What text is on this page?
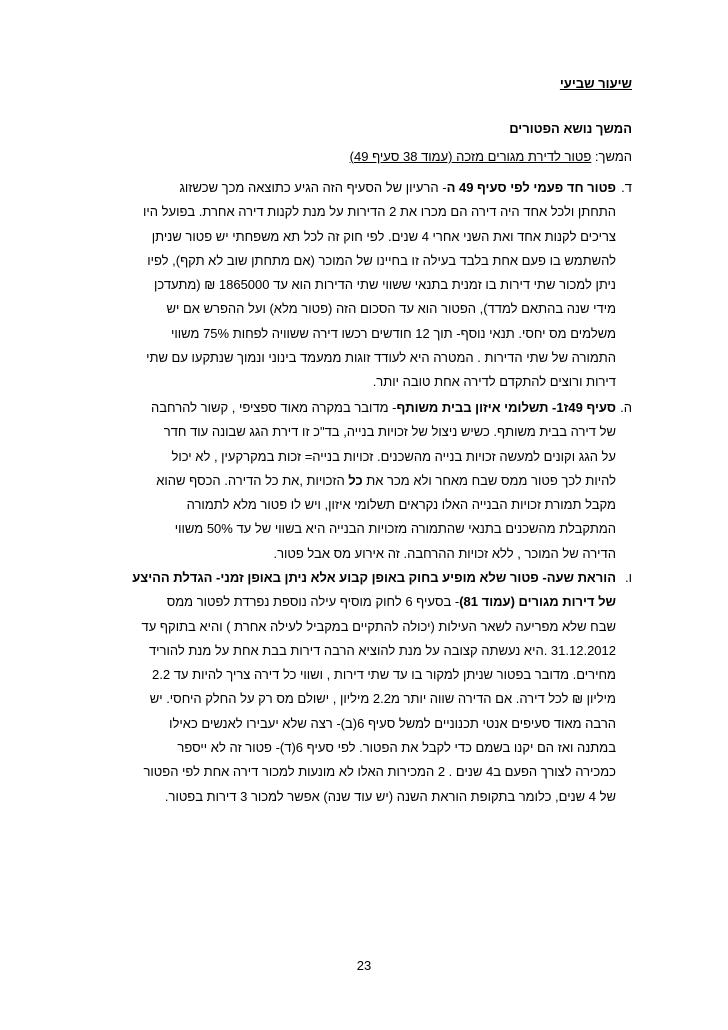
שיעור שביעי
המשך נושא הפטורים
המשך: פטור לדירת מגורים מזכה (עמוד 38 סעיף 49)
ד.

פטור חד פעמי לפי סעיף 49 ה- הרעיון של הסעיף הזה הגיע כתוצאה מכך שכשזוג

התחתן ולכל אחד היה דירה הם מכרו את 2 הדירות על מנת לקנות דירה אחרת. בפועל היו

צריכים לקנות אחד ואת השני אחרי 4 שנים. לפי חוק זה לכל תא משפחתי יש פטור שניתן

להשתמש בו פעם אחת בלבד בעילה זו בחיינו של המוכר (אם מתחתן שוב לא תקף), לפיו

ניתן למכור שתי דירות בו זמנית בתנאי ששווי שתי הדירות הוא עד 1865000 ₪ (מתעדכן

מידי שנה בהתאם למדד), הפטור הוא עד הסכום הזה (פטור מלא) ועל ההפרש אם יש

משלמים מס יחסי. תנאי נוסף- תוך 12 חודשים רכשו דירה ששוויה לפחות 75% משווי

התמורה של שתי הדירות . המטרה היא לעודד זוגות ממעמד בינוני ונמוך שנתקעו עם שתי

דירות ורוצים להתקדם לדירה אחת טובה יותר.

ה.

סעיף 49ז1- תשלומי איזון בבית משותף- מדובר במקרה מאוד ספציפי , קשור להרחבה

של דירה בבית משותף. כשיש ניצול של זכויות בנייה, בד"כ זו דירת הגג שבונה עוד חדר

על הגג וקונים למעשה זכויות בנייה מהשכנים. זכויות בנייה= זכות במקרקעין , לא יכול

להיות לכך פטור ממס שבח מאחר ולא מכר את כל הזכויות ,את כל הדירה. הכסף שהוא

מקבל תמורת זכויות הבנייה האלו נקראים תשלומי איזון, ויש לו פטור מלא לתמורה

המתקבלת מהשכנים בתנאי שהתמורה מזכויות הבנייה היא בשווי של עד 50% משווי

הדירה של המוכר , ללא זכויות ההרחבה. זה אירוע מס אבל פטור.

ו.

הוראת שעה- פטור שלא מופיע בחוק באופן קבוע אלא ניתן באופן זמני- הגדלת ההיצע

של דירות מגורים (עמוד 81)- בסעיף 6 לחוק מוסיף עילה נוספת נפרדת לפטור ממס

שבח שלא מפריעה לשאר העילות (יכולה להתקיים במקביל לעילה אחרת ) והיא בתוקף עד

31.12.2012 .היא נעשתה קצובה על מנת להוציא הרבה דירות בבת אחת על מנת להוריד

מחירים. מדובר בפטור שניתן למקור בו עד שתי דירות , ושווי כל דירה צריך להיות עד 2.2

מיליון ₪ לכל דירה. אם הדירה שווה יותר מ2.2 מיליון , ישולם מס רק על החלק היחסי. יש

הרבה מאוד סעיפים אנטי תכנוניים למשל סעיף 6(ב)- רצה שלא יעבירו לאנשים כאילו

במתנה ואז הם יקנו בשמם כדי לקבל את הפטור. לפי סעיף 6(ד)- פטור זה לא ייספר

כמכירה לצורך הפעם ב4 שנים . 2 המכירות האלו לא מונעות למכור דירה אחת לפי הפטור

של 4 שנים, כלומר בתקופת הוראת השנה (יש עוד שנה) אפשר למכור 3 דירות בפטור.

23
